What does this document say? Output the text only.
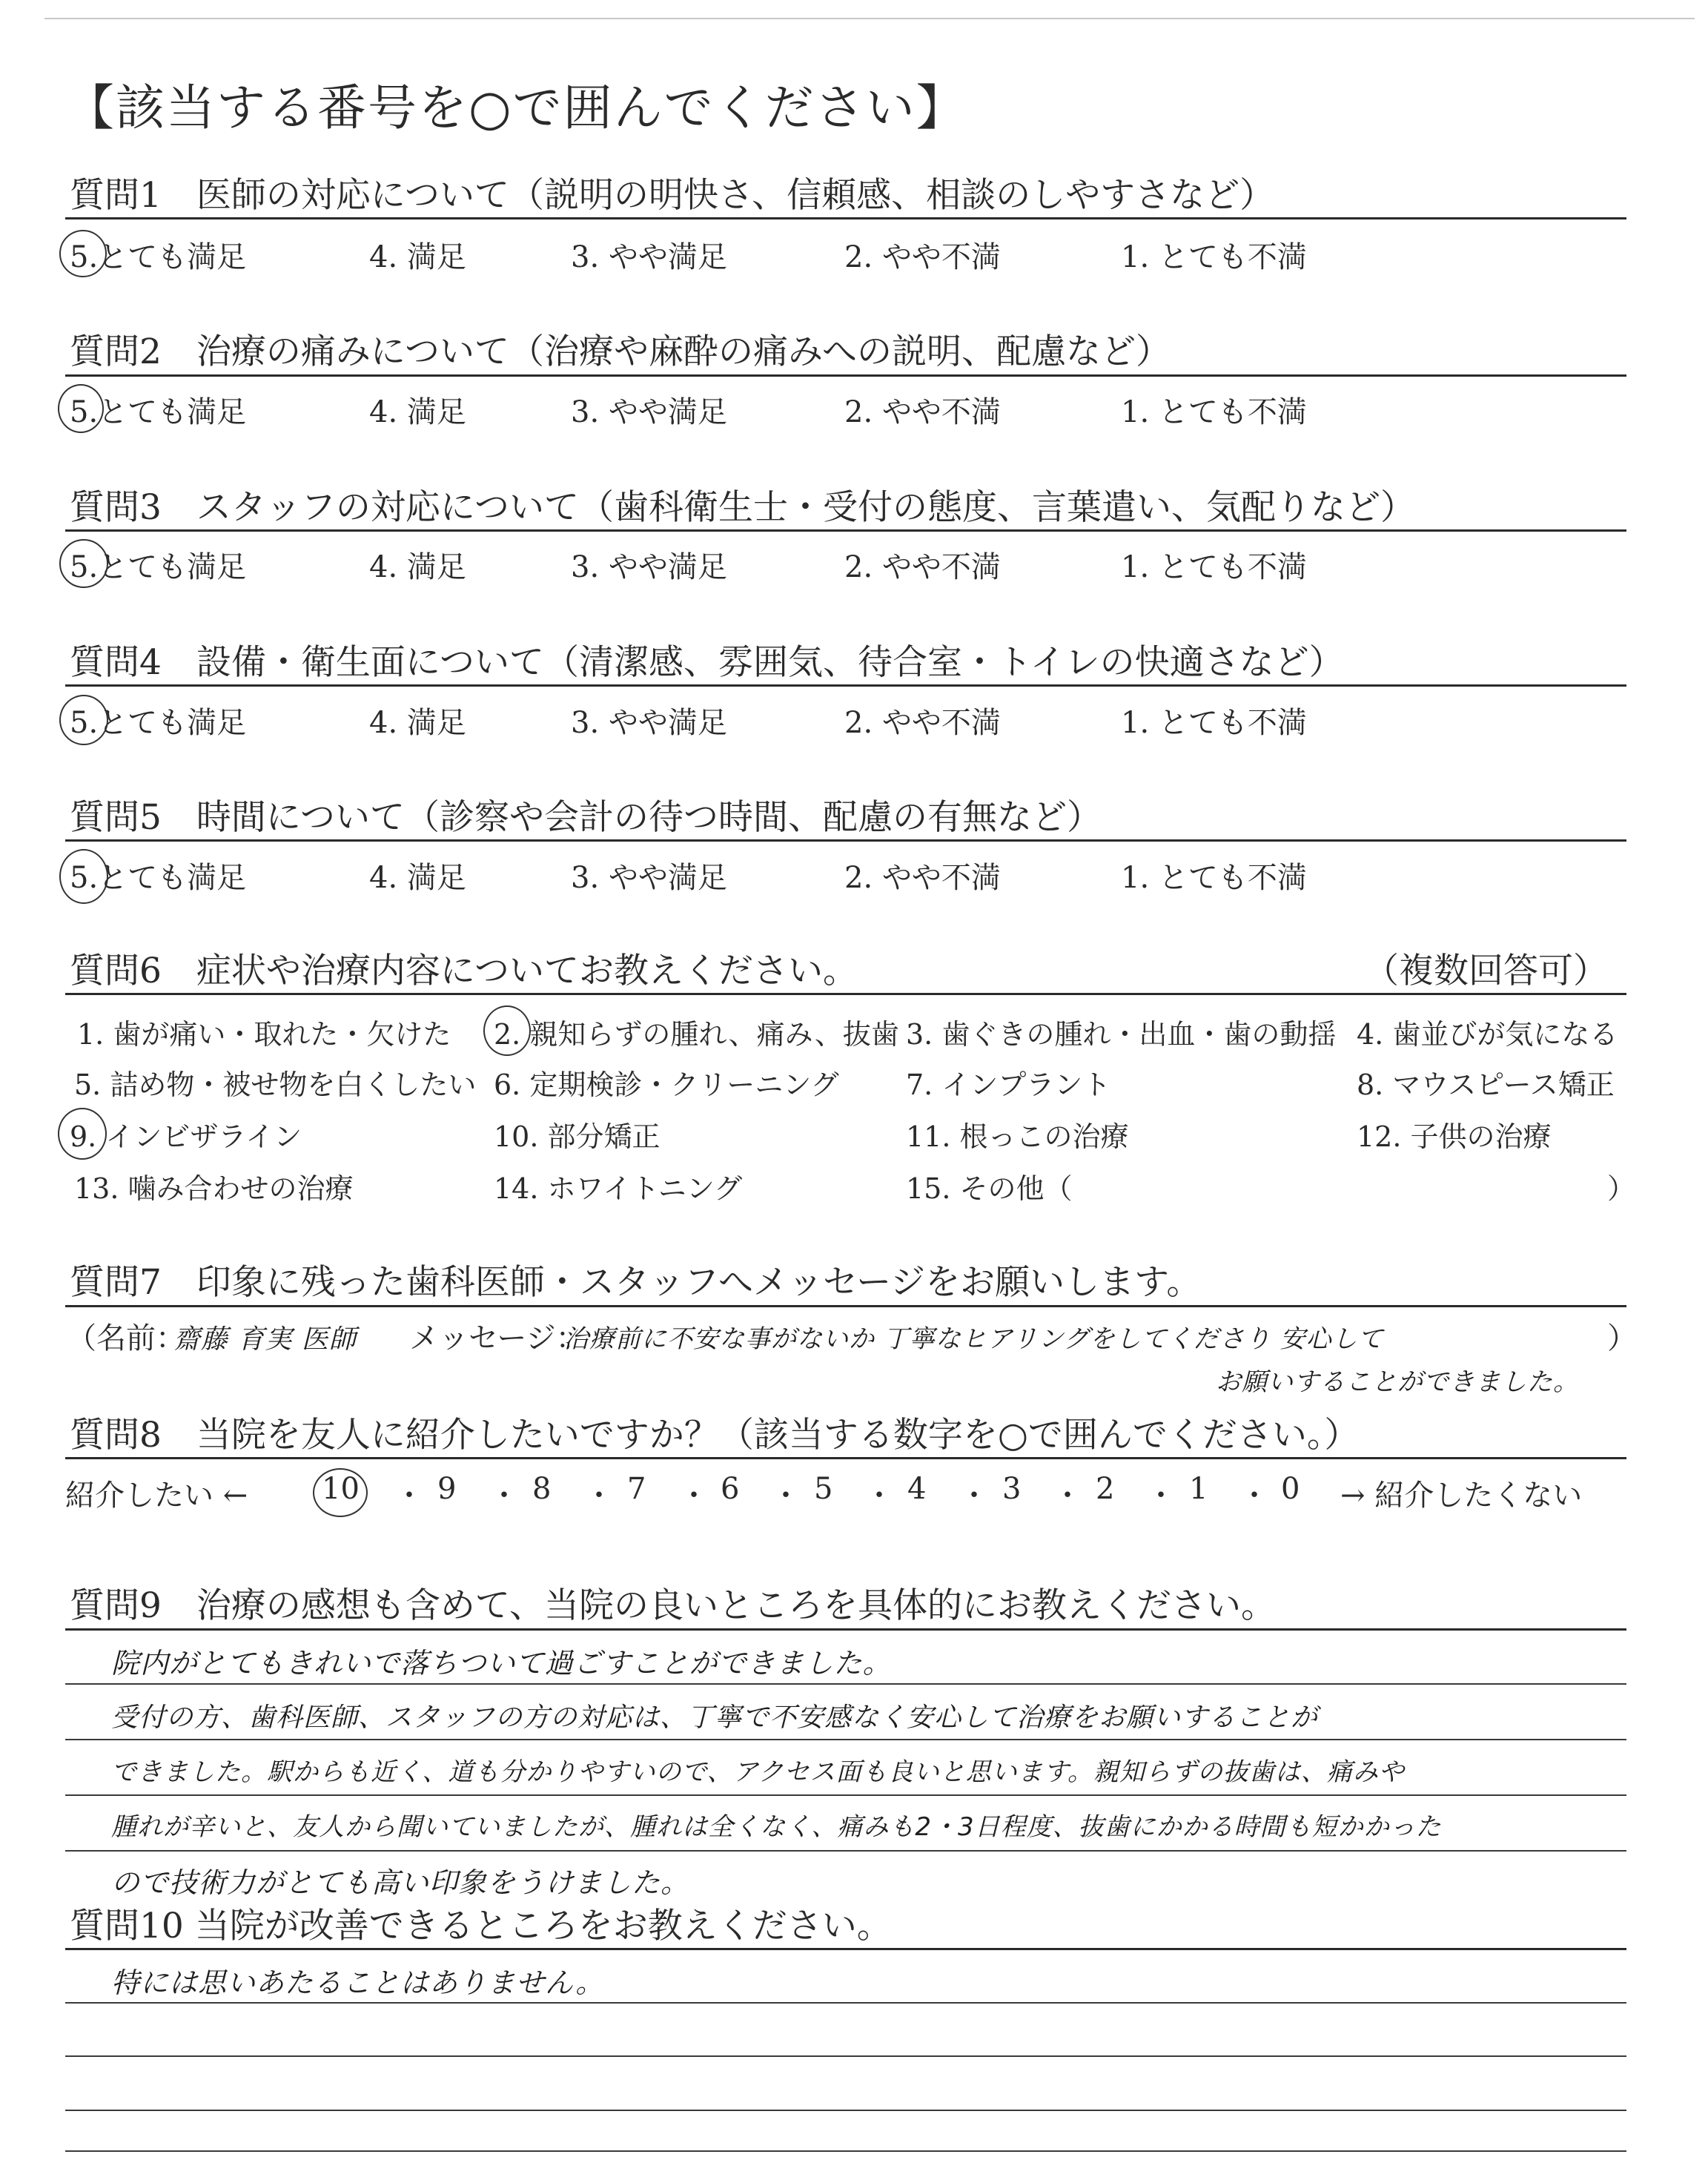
【該当する番号を○で囲んでください】
質問1　医師の対応について（説明の明快さ、信頼感、相談のしやすさなど）
5.とても満足	4. 満足	3. やや満足	2. やや不満	1. とても不満
質問2　治療の痛みについて（治療や麻酔の痛みへの説明、配慮など）
5.とても満足	4. 満足	3. やや満足	2. やや不満	1. とても不満
質問3　スタッフの対応について（歯科衛生士・受付の態度、言葉遣い、気配りなど）
5.とても満足	4. 満足	3. やや満足	2. やや不満	1. とても不満
質問4　設備・衛生面について（清潔感、雰囲気、待合室・トイレの快適さなど）
5.とても満足	4. 満足	3. やや満足	2. やや不満	1. とても不満
質問5　時間について（診察や会計の待つ時間、配慮の有無など）
5.とても満足	4. 満足	3. やや満足	2. やや不満	1. とても不満
質問6　症状や治療内容についてお教えください。	（複数回答可）
1. 歯が痛い・取れた・欠けた 2. 親知らずの腫れ、痛み、抜歯 3. 歯ぐきの腫れ・出血・歯の動揺 4. 歯並びが気になる
5. 詰め物・被せ物を白くしたい 6. 定期検診・クリーニング 7. インプラント	8. マウスピース矯正
9. インビザライン	10. 部分矯正	11. 根っこの治療	12. 子供の治療
13. 噛み合わせの治療	14. ホワイトニング	15. その他（	）
質問7　印象に残った歯科医師・スタッフへメッセージをお願いします。
（名前：
齋藤 育実 医師 メッセージ：
治療前に不安な事がないか 丁寧なヒアリングをしてくださり 安心して	）
お願いすることができました。
質問8　当院を友人に紹介したいですか？（該当する数字を○で囲んでください。）
紹介したい ←	→ 紹介したくない
10 ・ 9 ・ 8 ・ 7 ・ 6 ・ 5 ・ 4 ・ 3 ・ 2 ・ 1 ・ 0
質問9　治療の感想も含めて、当院の良いところを具体的にお教えください。
院内がとてもきれいで落ちついて過ごすことができました。
受付の方、歯科医師、スタッフの方の対応は、丁寧で不安感なく安心して治療をお願いすることが
できました。駅からも近く、道も分かりやすいので、アクセス面も良いと思います。親知らずの抜歯は、痛みや
腫れが辛いと、友人から聞いていましたが、腫れは全くなく、痛みも2・3日程度、抜歯にかかる時間も短かかった
ので技術力がとても高い印象をうけました。
質問10 当院が改善できるところをお教えください。
特には思いあたることはありません。
